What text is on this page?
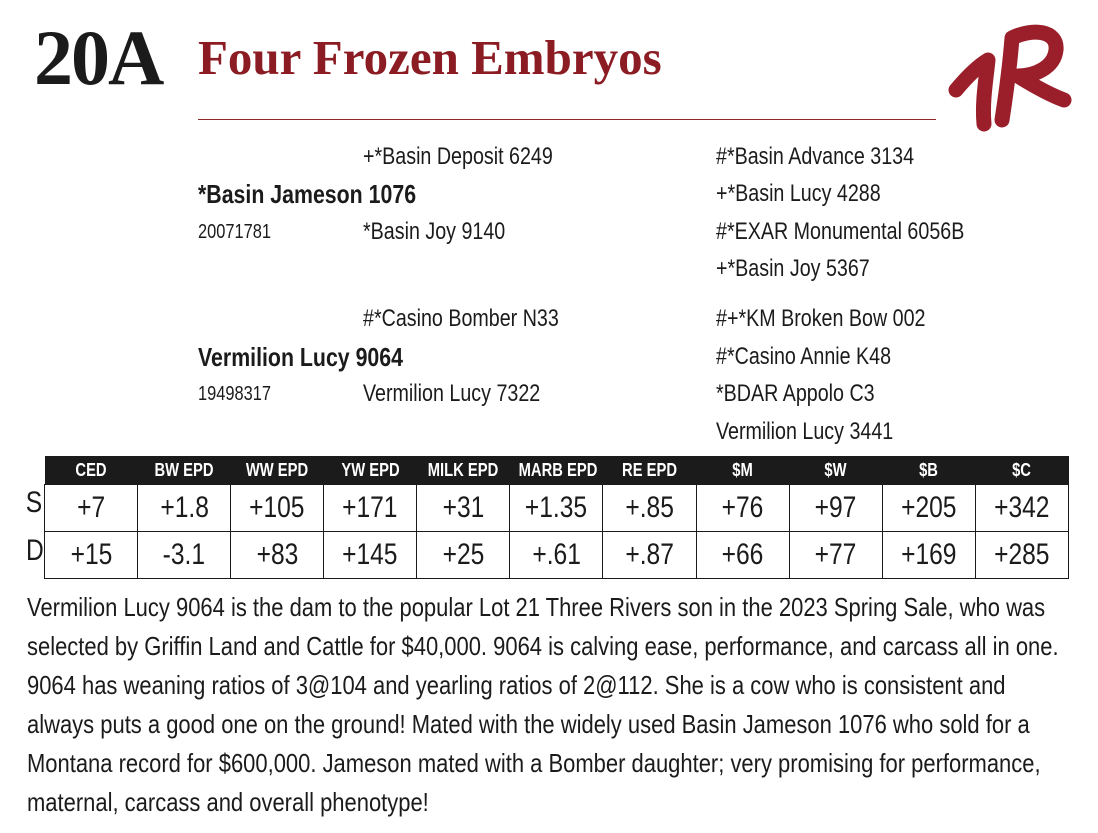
20A Four Frozen Embryos
+*Basin Deposit 6249
*Basin Jameson 1076
20071781	*Basin Joy 9140
#*Basin Advance 3134
+*Basin Lucy 4288
#*EXAR Monumental 6056B
+*Basin Joy 5367
#*Casino Bomber N33
Vermilion Lucy 9064
19498317	Vermilion Lucy 7322
#+*KM Broken Bow 002
#*Casino Annie K48
*BDAR Appolo C3
Vermilion Lucy 3441
S
D
CED	BW EPD	WW EPD	YW EPD	MILK EPD	MARB EPD	RE EPD	$M	$W	$B	$C
+7	+1.8	+105	+171	+31	+1.35	+.85	+76	+97	+205	+342
+15	-3.1	+83	+145	+25	+.61	+.87	+66	+77	+169	+285
Vermilion Lucy 9064 is the dam to the popular Lot 21 Three Rivers son in the 2023 Spring Sale, who was selected by Griffin Land and Cattle for $40,000. 9064 is calving ease, performance, and carcass all in one. 9064 has weaning ratios of 3@104 and yearling ratios of 2@112. She is a cow who is consistent and always puts a good one on the ground! Mated with the widely used Basin Jameson 1076 who sold for a Montana record for $600,000. Jameson mated with a Bomber daughter; very promising for performance, maternal, carcass and overall phenotype!
